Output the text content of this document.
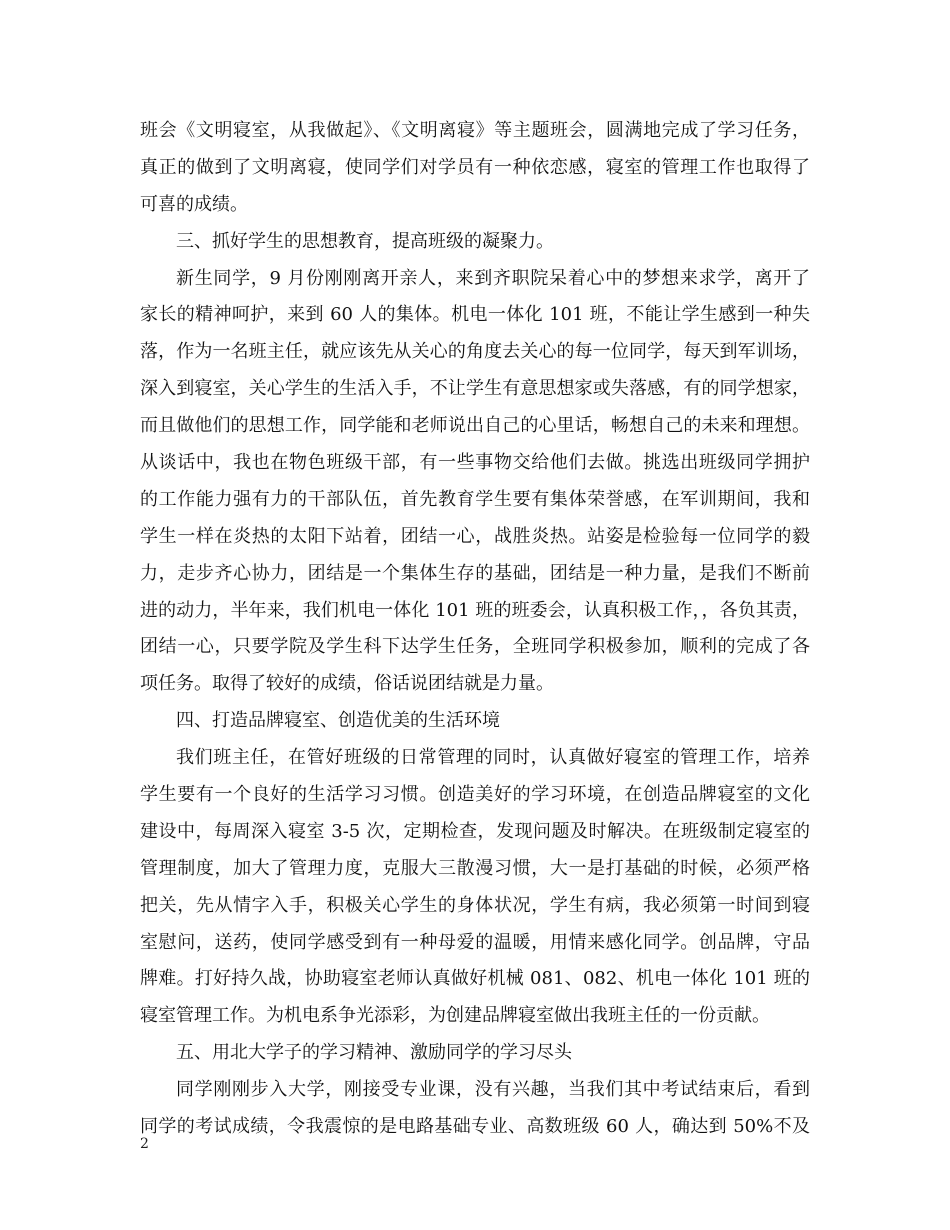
班会《文明寝室，从我做起》、《文明离寝》等主题班会，圆满地完成了学习任务，
真正的做到了文明离寝，使同学们对学员有一种依恋感，寝室的管理工作也取得了
可喜的成绩。
三、抓好学生的思想教育，提高班级的凝聚力。
新生同学，9 月份刚刚离开亲人，来到齐职院呆着心中的梦想来求学，离开了
家长的精神呵护，来到 60 人的集体。机电一体化 101 班，不能让学生感到一种失
落，作为一名班主任，就应该先从关心的角度去关心的每一位同学，每天到军训场，
深入到寝室，关心学生的生活入手，不让学生有意思想家或失落感，有的同学想家，
而且做他们的思想工作，同学能和老师说出自己的心里话，畅想自己的未来和理想。
从谈话中，我也在物色班级干部，有一些事物交给他们去做。挑选出班级同学拥护
的工作能力强有力的干部队伍，首先教育学生要有集体荣誉感，在军训期间，我和
学生一样在炎热的太阳下站着，团结一心，战胜炎热。站姿是检验每一位同学的毅
力，走步齐心协力，团结是一个集体生存的基础，团结是一种力量，是我们不断前
进的动力，半年来，我们机电一体化 101 班的班委会，认真积极工作，，各负其责，
团结一心，只要学院及学生科下达学生任务，全班同学积极参加，顺利的完成了各
项任务。取得了较好的成绩，俗话说团结就是力量。
四、打造品牌寝室、创造优美的生活环境
我们班主任，在管好班级的日常管理的同时，认真做好寝室的管理工作，培养
学生要有一个良好的生活学习习惯。创造美好的学习环境，在创造品牌寝室的文化
建设中，每周深入寝室 3-5 次，定期检查，发现问题及时解决。在班级制定寝室的
管理制度，加大了管理力度，克服大三散漫习惯，大一是打基础的时候，必须严格
把关，先从情字入手，积极关心学生的身体状况，学生有病，我必须第一时间到寝
室慰问，送药，使同学感受到有一种母爱的温暖，用情来感化同学。创品牌，守品
牌难。打好持久战，协助寝室老师认真做好机械 081、082、机电一体化 101 班的
寝室管理工作。为机电系争光添彩，为创建品牌寝室做出我班主任的一份贡献。
五、用北大学子的学习精神、激励同学的学习尽头
同学刚刚步入大学，刚接受专业课，没有兴趣，当我们其中考试结束后，看到
同学的考试成绩，令我震惊的是电路基础专业、高数班级 60 人，确达到 50%不及
2
